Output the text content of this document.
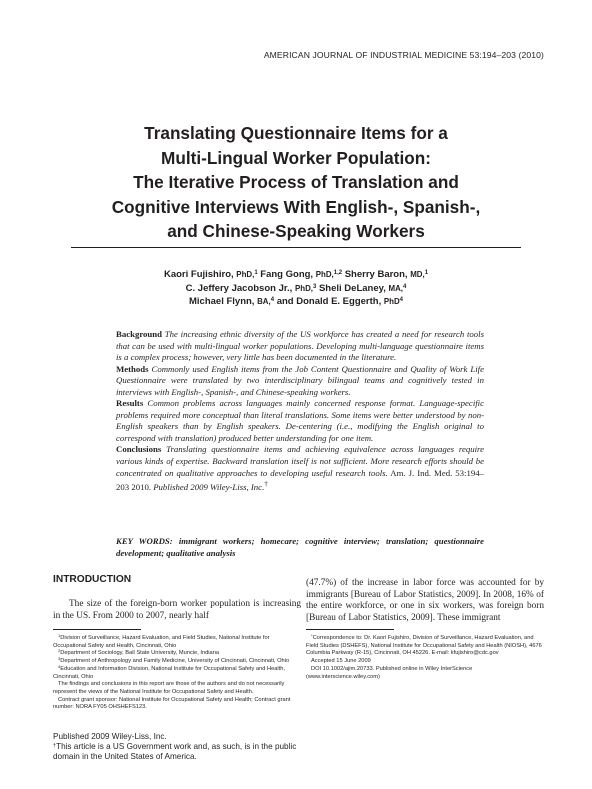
AMERICAN JOURNAL OF INDUSTRIAL MEDICINE 53:194–203 (2010)
Translating Questionnaire Items for a
Multi-Lingual Worker Population:
The Iterative Process of Translation and
Cognitive Interviews With English-, Spanish-,
and Chinese-Speaking Workers
Kaori Fujishiro, PhD,$^1$ Fang Gong, PhD,$^{1,2}$ Sherry Baron, MD,$^1$
C. Jeffery Jacobson Jr., PhD,$^3$ Sheli DeLaney, MA,$^4$
Michael Flynn, BA,$^4$ and Donald E. Eggerth, PhD$^4$

Background The increasing ethnic diversity of the US workforce has created a need for research tools that can be used with multi-lingual worker populations. Developing multi-language questionnaire items is a complex process; however, very little has been documented in the literature.

Methods Commonly used English items from the Job Content Questionnaire and Quality of Work Life Questionnaire were translated by two interdisciplinary bilingual teams and cognitively tested in interviews with English-, Spanish-, and Chinese-speaking workers.

Results Common problems across languages mainly concerned response format. Language-specific problems required more conceptual than literal translations. Some items were better understood by non-English speakers than by English speakers. De-centering (i.e., modifying the English original to correspond with translation) produced better understanding for one item.

Conclusions Translating questionnaire items and achieving equivalence across languages require various kinds of expertise. Backward translation itself is not sufficient. More research efforts should be concentrated on qualitative approaches to developing useful research tools. Am. J. Ind. Med. 53:194–203 2010. Published 2009 Wiley-Liss, Inc.†

KEY WORDS: immigrant workers; homecare; cognitive interview; translation; questionnaire development; qualitative analysis
INTRODUCTION

The size of the foreign-born worker population is increasing in the US. From 2000 to 2007, nearly half

(47.7%) of the increase in labor force was accounted for by immigrants [Bureau of Labor Statistics, 2009]. In 2008, 16% of the entire workforce, or one in six workers, was foreign born [Bureau of Labor Statistics, 2009]. These immigrant

$^1$Division of Surveillance, Hazard Evaluation, and Field Studies, National Institute for Occupational Safety and Health, Cincinnati, Ohio

$^2$Department of Sociology, Ball State University, Muncie, Indiana

$^3$Department of Anthropology and Family Medicine, University of Cincinnati, Cincinnati, Ohio

$^4$Education and Information Division, National Institute for Occupational Safety and Health, Cincinnati, Ohio

The findings and conclusions in this report are those of the authors and do not necessarily represent the views of the National Institute for Occupational Safety and Health.

Contract grant sponsor: National Institute for Occupational Safety and Health; Contract grant number: NORA FY05 OHSHEFS123.

*Correspondence to: Dr. Kaori Fujishiro, Division of Surveillance, Hazard Evaluation, and Field Studies (DSHEFS), National Institute for Occupational Safety and Health (NIOSH), 4676 Columbia Parkway (R-15), Cincinnati, OH 45226. E-mail: kfujishiro@cdc.gov

Accepted 15 June 2009

DOI 10.1002/ajim.20733. Published online in Wiley InterScience (www.interscience.wiley.com)

Published 2009 Wiley-Liss, Inc.
†This article is a US Government work and, as such, is in the public domain in the United States of America.
